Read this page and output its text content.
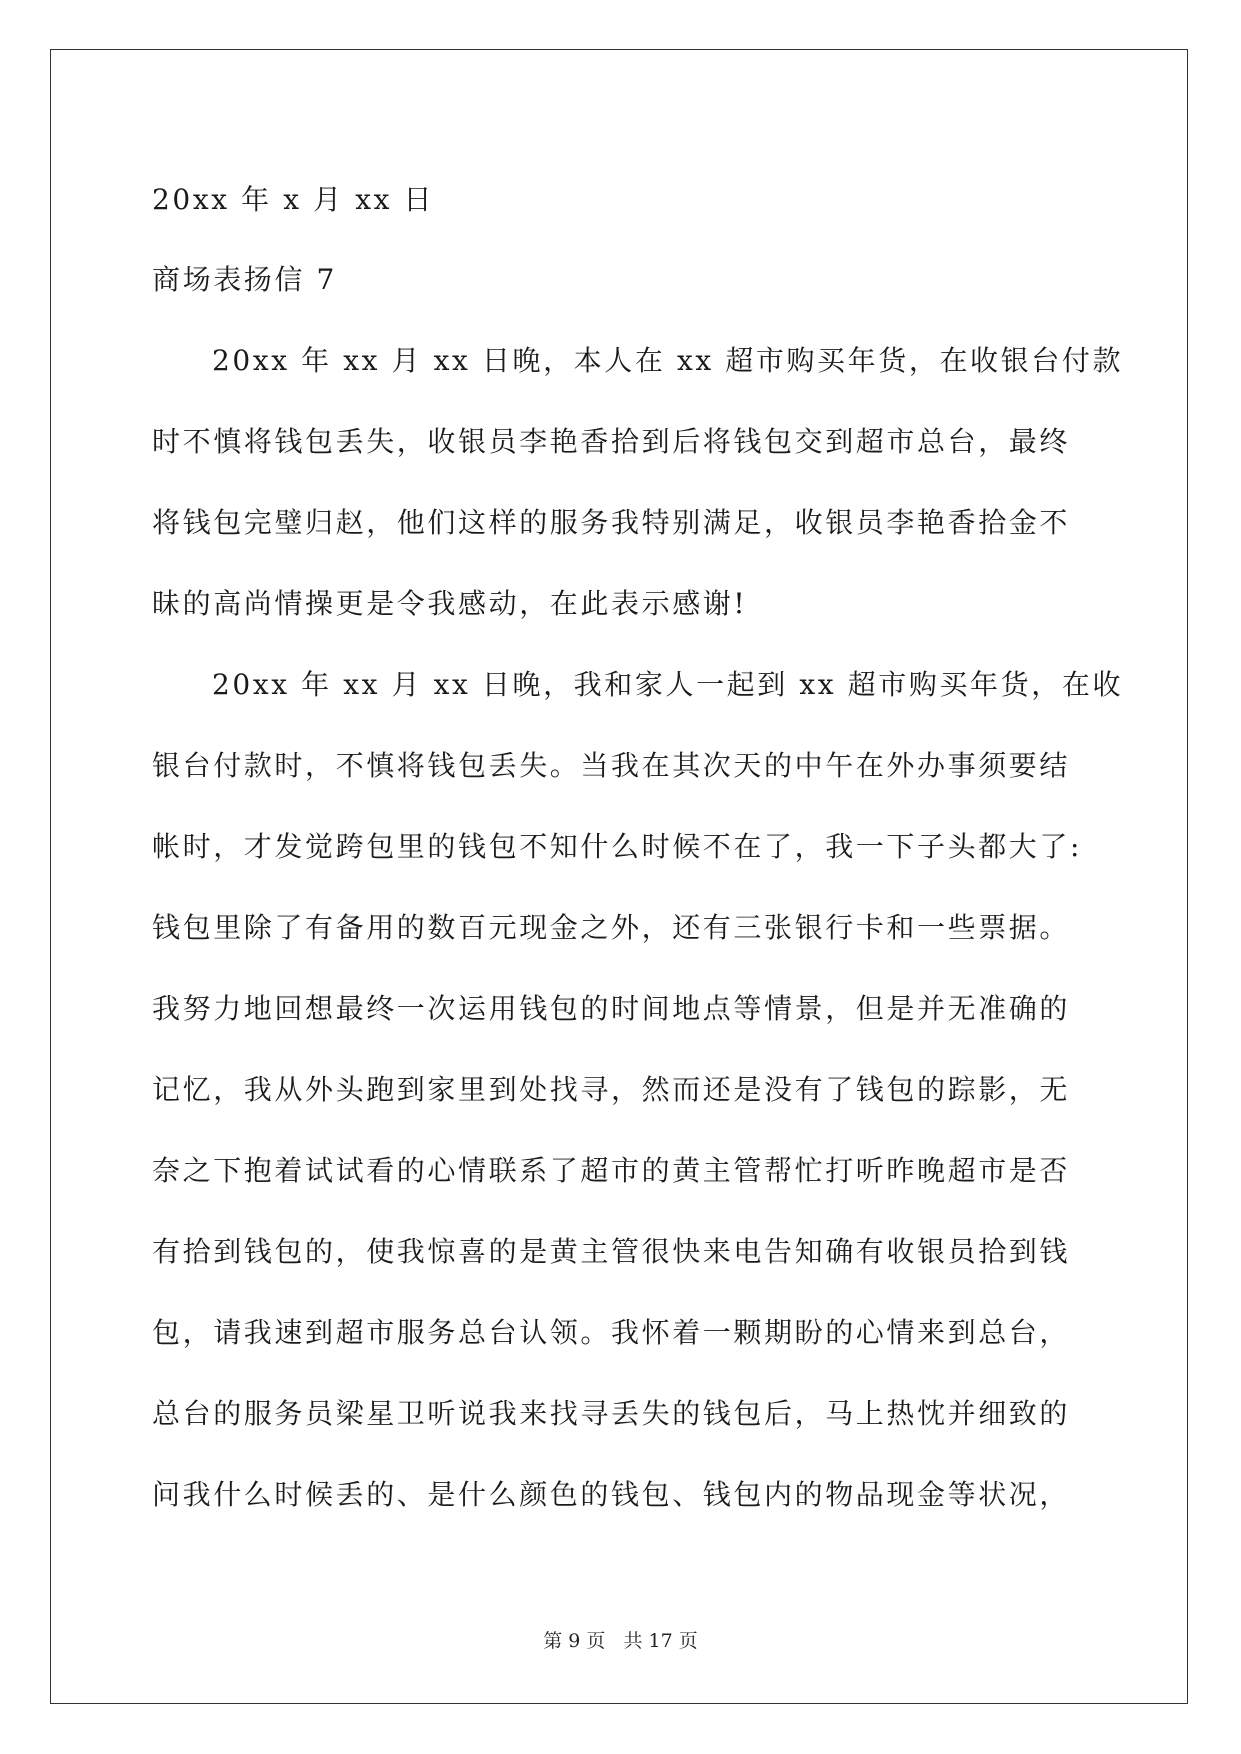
20xx 年 x 月 xx 日
商场表扬信 7
20xx 年 xx 月 xx 日晚，本人在 xx 超市购买年货，在收银台付款
时不慎将钱包丢失，收银员李艳香拾到后将钱包交到超市总台，最终
将钱包完璧归赵，他们这样的服务我特别满足，收银员李艳香拾金不
昧的高尚情操更是令我感动，在此表示感谢!
20xx 年 xx 月 xx 日晚，我和家人一起到 xx 超市购买年货，在收
银台付款时，不慎将钱包丢失。当我在其次天的中午在外办事须要结
帐时，才发觉跨包里的钱包不知什么时候不在了，我一下子头都大了:
钱包里除了有备用的数百元现金之外，还有三张银行卡和一些票据。
我努力地回想最终一次运用钱包的时间地点等情景，但是并无准确的
记忆，我从外头跑到家里到处找寻，然而还是没有了钱包的踪影，无
奈之下抱着试试看的心情联系了超市的黄主管帮忙打听昨晚超市是否
有拾到钱包的，使我惊喜的是黄主管很快来电告知确有收银员拾到钱
包，请我速到超市服务总台认领。我怀着一颗期盼的心情来到总台，
总台的服务员梁星卫听说我来找寻丢失的钱包后，马上热忱并细致的
问我什么时候丢的、是什么颜色的钱包、钱包内的物品现金等状况，
第 9 页 共 17 页
